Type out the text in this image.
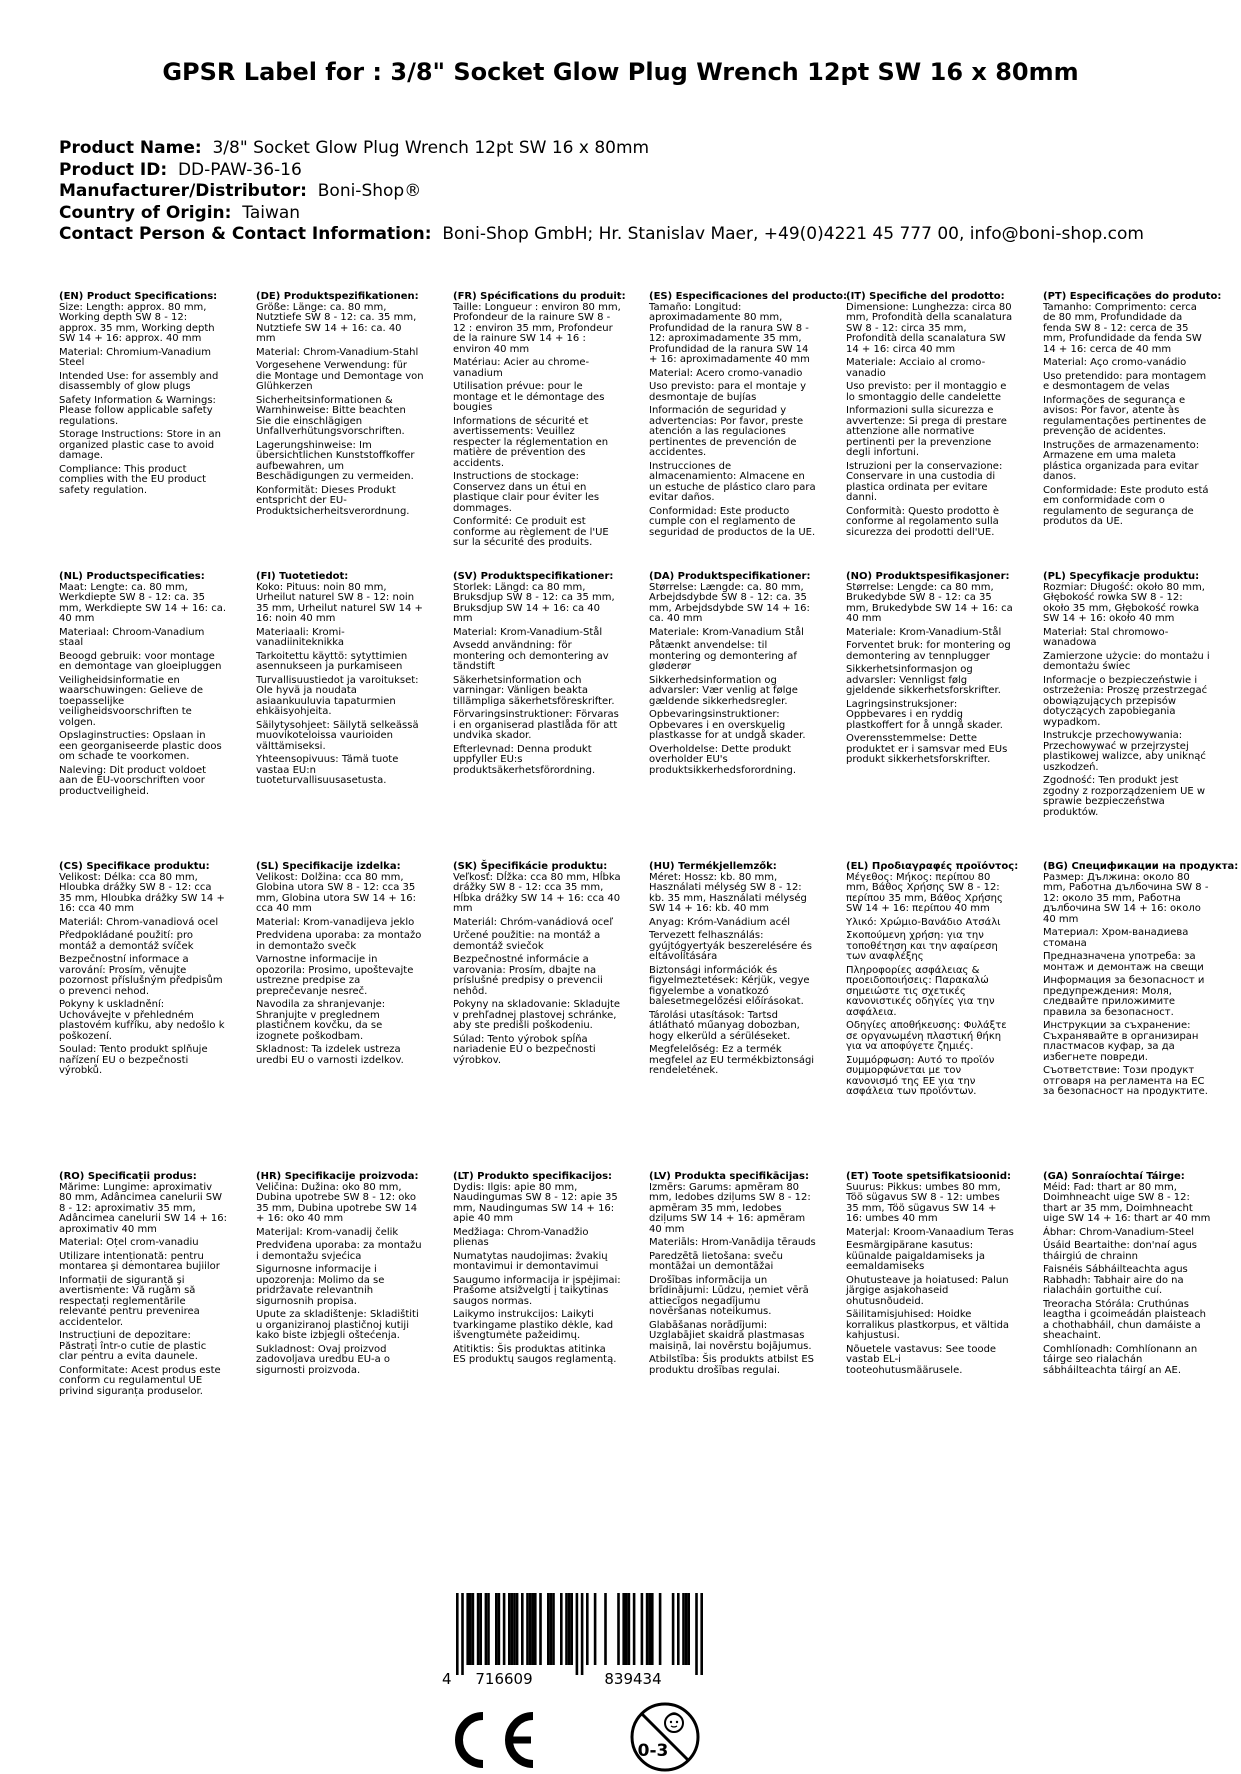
GPSR Label for : 3/8" Socket Glow Plug Wrench 12pt SW 16 x 80mm
Product Name: 3/8" Socket Glow Plug Wrench 12pt SW 16 x 80mm
Product ID: DD-PAW-36-16
Manufacturer/Distributor: Boni-Shop®
Country of Origin: Taiwan
Contact Person & Contact Information: Boni-Shop GmbH; Hr. Stanislav Maer, +49(0)4221 45 777 00, info@boni-shop.com
(EN) Product Specifications:
Size: Length: approx. 80 mm, Working depth SW 8 - 12: approx. 35 mm, Working depth SW 14 + 16: approx. 40 mm
Material: Chromium-Vanadium Steel
Intended Use: for assembly and disassembly of glow plugs
Safety Information & Warnings: Please follow applicable safety regulations.
Storage Instructions: Store in an organized plastic case to avoid damage.
Compliance: This product complies with the EU product safety regulation.
(DE) Produktspezifikationen:
Größe: Länge: ca. 80 mm, Nutztiefe SW 8 - 12: ca. 35 mm, Nutztiefe SW 14 + 16: ca. 40 mm
Material: Chrom-Vanadium-Stahl
Vorgesehene Verwendung: für die Montage und Demontage von Glühkerzen
Sicherheitsinformationen & Warnhinweise: Bitte beachten Sie die einschlägigen Unfallverhütungsvorschriften.
Lagerungshinweise: Im übersichtlichen Kunststoffkoffer aufbewahren, um Beschädigungen zu vermeiden.
Konformität: Dieses Produkt entspricht der EU-Produktsicherheitsverordnung.
(FR) Spécifications du produit:
Taille: Longueur : environ 80 mm, Profondeur de la rainure SW 8 - 12 : environ 35 mm, Profondeur de la rainure SW 14 + 16 : environ 40 mm
Matériau: Acier au chrome-vanadium
Utilisation prévue: pour le montage et le démontage des bougies
Informations de sécurité et avertissements: Veuillez respecter la réglementation en matière de prévention des accidents.
Instructions de stockage: Conservez dans un étui en plastique clair pour éviter les dommages.
Conformité: Ce produit est conforme au règlement de l'UE sur la sécurité des produits.
(ES) Especificaciones del producto:
Tamaño: Longitud: aproximadamente 80 mm, Profundidad de la ranura SW 8 - 12: aproximadamente 35 mm, Profundidad de la ranura SW 14 + 16: aproximadamente 40 mm
Material: Acero cromo-vanadio
Uso previsto: para el montaje y desmontaje de bujías
Información de seguridad y advertencias: Por favor, preste atención a las regulaciones pertinentes de prevención de accidentes.
Instrucciones de almacenamiento: Almacene en un estuche de plástico claro para evitar daños.
Conformidad: Este producto cumple con el reglamento de seguridad de productos de la UE.
(IT) Specifiche del prodotto:
Dimensione: Lunghezza: circa 80 mm, Profondità della scanalatura SW 8 - 12: circa 35 mm, Profondità della scanalatura SW 14 + 16: circa 40 mm
Materiale: Acciaio al cromo-vanadio
Uso previsto: per il montaggio e lo smontaggio delle candelette
Informazioni sulla sicurezza e avvertenze: Si prega di prestare attenzione alle normative pertinenti per la prevenzione degli infortuni.
Istruzioni per la conservazione: Conservare in una custodia di plastica ordinata per evitare danni.
Conformità: Questo prodotto è conforme al regolamento sulla sicurezza dei prodotti dell'UE.
(PT) Especificações do produto:
Tamanho: Comprimento: cerca de 80 mm, Profundidade da fenda SW 8 - 12: cerca de 35 mm, Profundidade da fenda SW 14 + 16: cerca de 40 mm
Material: Aço cromo-vanádio
Uso pretendido: para montagem e desmontagem de velas
Informações de segurança e avisos: Por favor, atente às regulamentações pertinentes de prevenção de acidentes.
Instruções de armazenamento: Armazene em uma maleta plástica organizada para evitar danos.
Conformidade: Este produto está em conformidade com o regulamento de segurança de produtos da UE.
(NL) Productspecificaties:
Maat: Lengte: ca. 80 mm, Werkdiepte SW 8 - 12: ca. 35 mm, Werkdiepte SW 14 + 16: ca. 40 mm
Materiaal: Chroom-Vanadium staal
Beoogd gebruik: voor montage en demontage van gloeipluggen
Veiligheidsinformatie en waarschuwingen: Gelieve de toepasselijke veiligheidsvoorschriften te volgen.
Opslaginstructies: Opslaan in een georganiseerde plastic doos om schade te voorkomen.
Naleving: Dit product voldoet aan de EU-voorschriften voor productveiligheid.
(FI) Tuotetiedot:
Koko: Pituus: noin 80 mm, Urheilut naturel SW 8 - 12: noin 35 mm, Urheilut naturel SW 14 + 16: noin 40 mm
Materiaali: Kromi-vanadiiniteknikka
Tarkoitettu käyttö: sytyttimien asennukseen ja purkamiseen
Turvallisuustiedot ja varoitukset: Ole hyvä ja noudata asiaankuuluvia tapaturmien ehkäisyohjeita.
Säilytysohjeet: Säilytä selkeässä muovikoteloissa vaurioiden välttämiseksi.
Yhteensopivuus: Tämä tuote vastaa EU:n tuoteturvallisuusasetusta.
(SV) Produktspecifikationer:
Storlek: Längd: ca 80 mm, Bruksdjup SW 8 - 12: ca 35 mm, Bruksdjup SW 14 + 16: ca 40 mm
Material: Krom-Vanadium-Stål
Avsedd användning: för montering och demontering av tändstift
Säkerhetsinformation och varningar: Vänligen beakta tillämpliga säkerhetsföreskrifter.
Förvaringsinstruktioner: Förvaras i en organiserad plastlåda för att undvika skador.
Efterlevnad: Denna produkt uppfyller EU:s produktsäkerhetsförordning.
(DA) Produktspecifikationer:
Størrelse: Længde: ca. 80 mm, Arbejdsdybde SW 8 - 12: ca. 35 mm, Arbejdsdybde SW 14 + 16: ca. 40 mm
Materiale: Krom-Vanadium Stål
Påtænkt anvendelse: til montering og demontering af gløderør
Sikkerhedsinformation og advarsler: Vær venlig at følge gældende sikkerhedsregler.
Opbevaringsinstruktioner: Opbevares i en overskuelig plastkasse for at undgå skader.
Overholdelse: Dette produkt overholder EU's produktsikkerhedsforordning.
(NO) Produktspesifikasjoner:
Størrelse: Lengde: ca 80 mm, Brukedybde SW 8 - 12: ca 35 mm, Brukedybde SW 14 + 16: ca 40 mm
Materiale: Krom-Vanadium-Stål
Forventet bruk: for montering og demontering av tennplugger
Sikkerhetsinformasjon og advarsler: Vennligst følg gjeldende sikkerhetsforskrifter.
Lagringsinstruksjoner: Oppbevares i en ryddig plastkoffert for å unngå skader.
Overensstemmelse: Dette produktet er i samsvar med EUs produkt sikkerhetsforskrifter.
(PL) Specyfikacje produktu:
Rozmiar: Długość: około 80 mm, Głębokość rowka SW 8 - 12: około 35 mm, Głębokość rowka SW 14 + 16: około 40 mm
Materiał: Stal chromowo-wanadowa
Zamierzone użycie: do montażu i demontażu świec
Informacje o bezpieczeństwie i ostrzeżenia: Proszę przestrzegać obowiązujących przepisów dotyczących zapobiegania wypadkom.
Instrukcje przechowywania: Przechowywać w przejrzystej plastikowej walizce, aby uniknąć uszkodzeń.
Zgodność: Ten produkt jest zgodny z rozporządzeniem UE w sprawie bezpieczeństwa produktów.
(CS) Specifikace produktu:
Velikost: Délka: cca 80 mm, Hloubka drážky SW 8 - 12: cca 35 mm, Hloubka drážky SW 14 + 16: cca 40 mm
Materiál: Chrom-vanadiová ocel
Předpokládané použití: pro montáž a demontáž svíček
Bezpečnostní informace a varování: Prosím, věnujte pozornost příslušným předpisům o prevenci nehod.
Pokyny k uskladnění: Uchovávejte v přehledném plastovém kufříku, aby nedošlo k poškození.
Soulad: Tento produkt splňuje nařízení EU o bezpečnosti výrobků.
(SL) Specifikacije izdelka:
Velikost: Dolžina: cca 80 mm, Globina utora SW 8 - 12: cca 35 mm, Globina utora SW 14 + 16: cca 40 mm
Material: Krom-vanadijeva jeklo
Predvidena uporaba: za montažo in demontažo svečk
Varnostne informacije in opozorila: Prosimo, upoštevajte ustrezne predpise za preprečevanje nesreč.
Navodila za shranjevanje: Shranjujte v preglednem plastičnem kovčku, da se izognete poškodbam.
Skladnost: Ta izdelek ustreza uredbi EU o varnosti izdelkov.
(SK) Špecifikácie produktu:
Veľkosť: Dĺžka: cca 80 mm, Hĺbka drážky SW 8 - 12: cca 35 mm, Hĺbka drážky SW 14 + 16: cca 40 mm
Materiál: Chróm-vanádiová oceľ
Určené použitie: na montáž a demontáž sviečok
Bezpečnostné informácie a varovania: Prosím, dbajte na príslušné predpisy o prevencii nehôd.
Pokyny na skladovanie: Skladujte v prehľadnej plastovej schránke, aby ste predišli poškodeniu.
Súlad: Tento výrobok spĺňa nariadenie EÚ o bezpečnosti výrobkov.
(HU) Termékjellemzők:
Méret: Hossz: kb. 80 mm, Használati mélység SW 8 - 12: kb. 35 mm, Használati mélység SW 14 + 16: kb. 40 mm
Anyag: Króm-Vanádium acél
Tervezett felhasználás: gyújtógyertyák beszerelésére és eltávolítására
Biztonsági információk és figyelmeztetések: Kérjük, vegye figyelembe a vonatkozó balesetmegelőzési előírásokat.
Tárolási utasítások: Tartsd átlátható műanyag dobozban, hogy elkerüld a sérüléseket.
Megfelelőség: Ez a termék megfelel az EU termékbiztonsági rendeletének.
(EL) Προδιαγραφές προϊόντος:
Μέγεθος: Μήκος: περίπου 80 mm, Βάθος Χρήσης SW 8 - 12: περίπου 35 mm, Βάθος Χρήσης SW 14 + 16: περίπου 40 mm
Υλικό: Χρώμιο-Βανάδιο Ατσάλι
Σκοπούμενη χρήση: για την τοποθέτηση και την αφαίρεση των αναφλέξης
Πληροφορίες ασφάλειας & προειδοποιήσεις: Παρακαλώ σημειώστε τις σχετικές κανονιστικές οδηγίες για την ασφάλεια.
Οδηγίες αποθήκευσης: Φυλάξτε σε οργανωμένη πλαστική θήκη για να αποφύγετε ζημιές.
Συμμόρφωση: Αυτό το προϊόν συμμορφώνεται με τον κανονισμό της ΕΕ για την ασφάλεια των προϊόντων.
(BG) Спецификации на продукта:
Размер: Дължина: около 80 mm, Работна дълбочина SW 8 - 12: около 35 mm, Работна дълбочина SW 14 + 16: около 40 mm
Материал: Хром-ванадиева стомана
Предназначена употреба: за монтаж и демонтаж на свещи
Информация за безопасност и предупреждения: Моля, следвайте приложимите правила за безопасност.
Инструкции за съхранение: Съхранявайте в организиран пластмасов куфар, за да избегнете повреди.
Съответствие: Този продукт отговаря на регламента на ЕС за безопасност на продуктите.
(RO) Specificații produs:
Mărime: Lungime: aproximativ 80 mm, Adâncimea canelurii SW 8 - 12: aproximativ 35 mm, Adâncimea canelurii SW 14 + 16: aproximativ 40 mm
Material: Oțel crom-vanadiu
Utilizare intenționată: pentru montarea și demontarea bujiilor
Informații de siguranță și avertismente: Vă rugăm să respectați reglementările relevante pentru prevenirea accidentelor.
Instrucțiuni de depozitare: Păstrați într-o cutie de plastic clar pentru a evita daunele.
Conformitate: Acest produs este conform cu regulamentul UE privind siguranța produselor.
(HR) Specifikacije proizvoda:
Veličina: Dužina: oko 80 mm, Dubina upotrebe SW 8 - 12: oko 35 mm, Dubina upotrebe SW 14 + 16: oko 40 mm
Materijal: Krom-vanadij čelik
Predviđena uporaba: za montažu i demontažu svjećica
Sigurnosne informacije i upozorenja: Molimo da se pridržavate relevantnih sigurnosnih propisa.
Upute za skladištenje: Skladištiti u organiziranoj plastičnoj kutiji kako biste izbjegli oštećenja.
Sukladnost: Ovaj proizvod zadovoljava uredbu EU-a o sigurnosti proizvoda.
(LT) Produkto specifikacijos:
Dydis: Ilgis: apie 80 mm, Naudingumas SW 8 - 12: apie 35 mm, Naudingumas SW 14 + 16: apie 40 mm
Medžiaga: Chrom-Vanadžio plienas
Numatytas naudojimas: žvakių montavimui ir demontavimui
Saugumo informacija ir įspėjimai: Prašome atsižvelgti į taikytinas saugos normas.
Laikymo instrukcijos: Laikyti tvarkingame plastiko dėkle, kad išvengtumėte pažeidimų.
Atitiktis: Šis produktas atitinka ES produktų saugos reglamentą.
(LV) Produkta specifikācijas:
Izmērs: Garums: apmēram 80 mm, Iedobes dziļums SW 8 - 12: apmēram 35 mm, Iedobes dziļums SW 14 + 16: apmēram 40 mm
Materiāls: Hrom-Vanādija tērauds
Paredzētā lietošana: sveču montāžai un demontāžai
Drošības informācija un brīdinājumi: Lūdzu, ņemiet vērā attiecīgos negadījumu novēršanas noteikumus.
Glabāšanas norādījumi: Uzglabājiet skaidrā plastmasas maisiņā, lai novērstu bojājumus.
Atbilstība: Šis produkts atbilst ES produktu drošības regulai.
(ET) Toote spetsifikatsioonid:
Suurus: Pikkus: umbes 80 mm, Töö sügavus SW 8 - 12: umbes 35 mm, Töö sügavus SW 14 + 16: umbes 40 mm
Materjal: Kroom-Vanaadium Teras
Eesmärgipärane kasutus: küünalde paigaldamiseks ja eemaldamiseks
Ohutusteave ja hoiatused: Palun järgige asjakohaseid ohutusnõudeid.
Säilitamisjuhised: Hoidke korralikus plastkorpus, et vältida kahjustusi.
Nõuetele vastavus: See toode vastab EL-i tooteohutusmäärusele.
(GA) Sonraíochtaí Táirge:
Méid: Fad: thart ar 80 mm, Doimhneacht uige SW 8 - 12: thart ar 35 mm, Doimhneacht uige SW 14 + 16: thart ar 40 mm
Ábhar: Chrom-Vanadium-Steel
Úsáid Beartaithe: don'naí agus tháirgiú de chrainn
Faisnéis Sábháilteachta agus Rabhadh: Tabhair aire do na rialacháin gortuithe cuí.
Treoracha Stórála: Cruthúnas leagtha i gcoimeádán plaisteach a chothabháil, chun damáiste a sheachaint.
Comhlíonadh: Comhlíonann an táirge seo rialachán sábháilteachta táirgí an AE.
4 716609	839434
0-3
